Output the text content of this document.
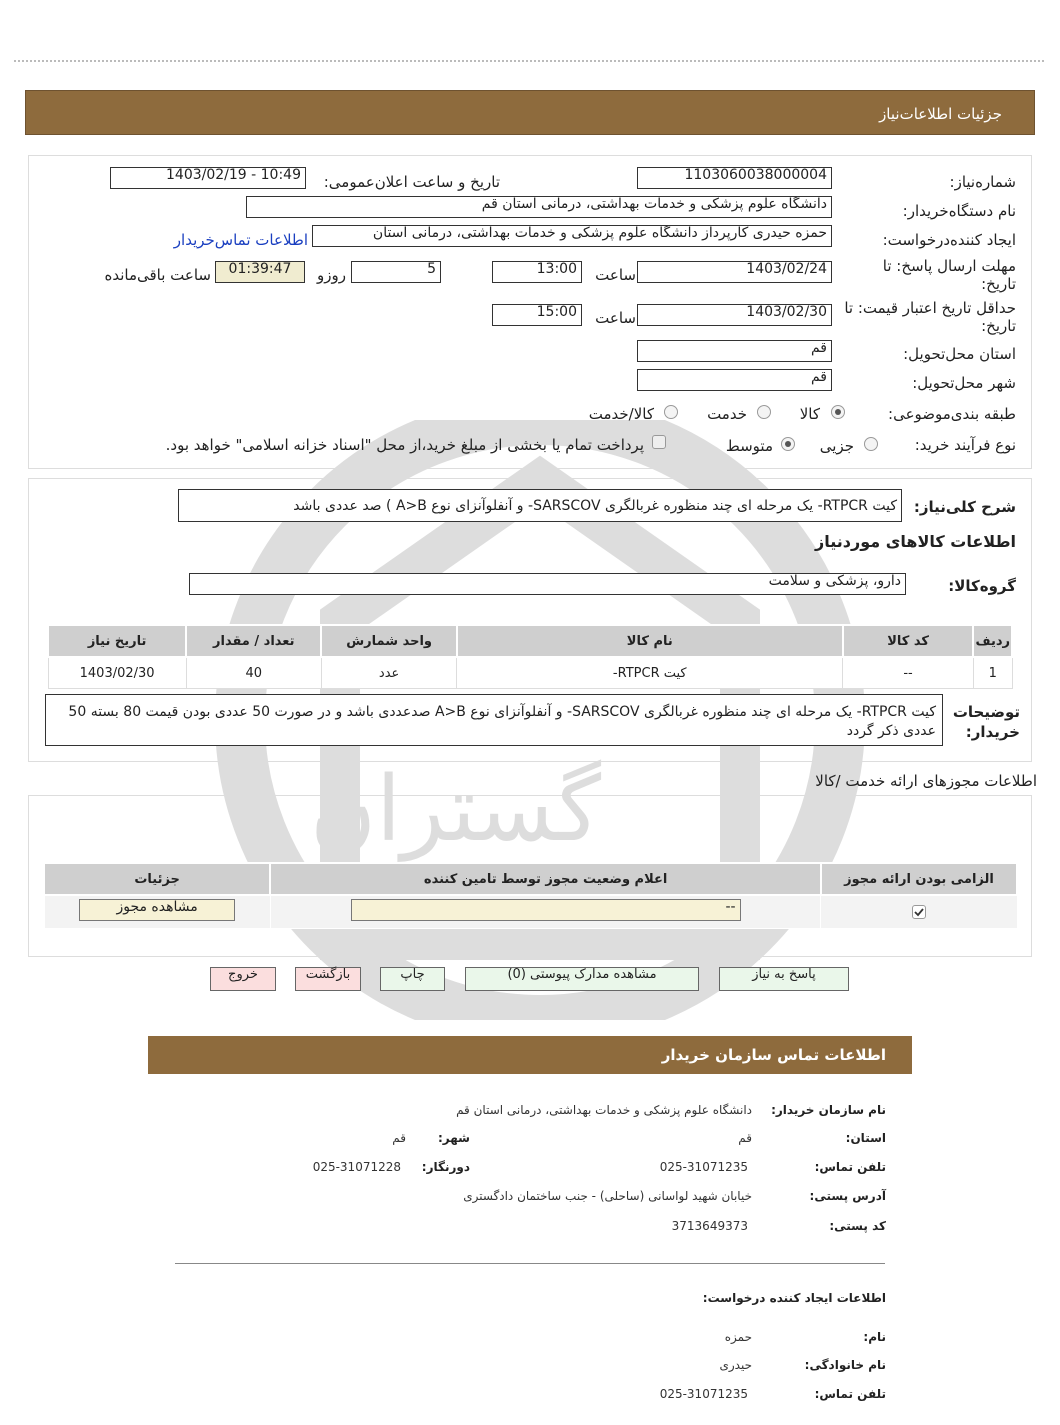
گستران
جزئیات اطلاعات‌نیاز
شماره‌نیاز:
1103060038000004
تاریخ و ساعت اعلان‌عمومی:
1403/02/19 - 10:49
نام دستگاه‌خریدار:
دانشگاه علوم پزشکی و خدمات بهداشتی، درمانی استان قم
ایجاد کننده‌درخواست:
حمزه حیدری کارپرداز دانشگاه علوم پزشکی و خدمات بهداشتی، درمانی استان
اطلاعات تماس‌خریدار
مهلت ارسال پاسخ: تا تاریخ:
1403/02/24
ساعت
13:00
5
روزو
01:39:47
ساعت باقی‌مانده
حداقل تاریخ اعتبار قیمت: تا تاریخ:
1403/02/30
ساعت
15:00
استان محل‌تحویل:
قم
شهر محل‌تحویل:
قم
طبقه بندی‌موضوعی:
کالا
خدمت
کالا/خدمت
نوع فرآیند خرید:
جزیی
متوسط
پرداخت تمام یا بخشی از مبلغ خرید،از محل "اسناد خزانه اسلامی" خواهد بود.
شرح کلی‌نیاز:
کیت RTPCR- یک مرحله ای چند منظوره غربالگری SARSCOV- و آنفلوآنزای نوع A>B ) صد عددی باشد
اطلاعات کالاهای موردنیاز
گروه‌کالا:
دارو، پزشکی و سلامت
ردیف	کد کالا	نام کالا	واحد شمارش	تعداد / مقدار	تاریخ نیاز
1	--	کیت RTPCR-	عدد	40	1403/02/30
توضیحات خریدار:
کیت RTPCR- یک مرحله ای چند منظوره غربالگری SARSCOV- و آنفلوآنزای نوع A>B صدعددی باشد و در صورت 50 عددی بودن قیمت 80 بسته 50 عددی ذکر گردد
اطلاعات مجوزهای ارائه خدمت /کالا
الزامی بودن ارائه مجوز	اعلام وضعیت مجوز توسط تامین کننده	جزئیات

	--	مشاهده مجوز
پاسخ به نیاز
مشاهده مدارک پیوستی (0)
چاپ
بازگشت
خروج
اطلاعات تماس سازمان خریدار
نام سازمان خریدار:
دانشگاه علوم پزشکی و خدمات بهداشتی، درمانی استان قم
استان:
قم
شهر:
قم
تلفن تماس:
025-31071235
دورنگار:
025-31071228
آدرس پستی:
خیابان شهید لواسانی (ساحلی) - جنب ساختمان دادگستری
کد پستی:
3713649373
اطلاعات ایجاد کننده درخواست:
نام:
حمزه
نام خانوادگی:
حیدری
تلفن تماس:
025-31071235
